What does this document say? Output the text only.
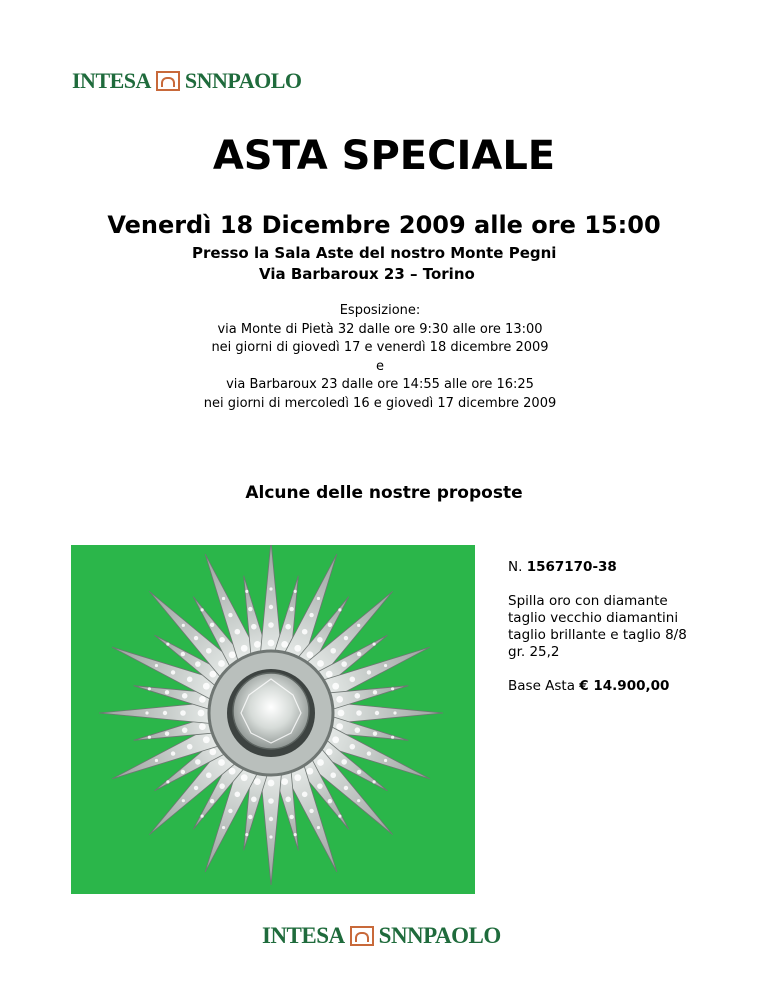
INTESA SNNPAOLO
ASTA SPECIALE
Venerdì 18 Dicembre 2009 alle ore 15:00
Presso la Sala Aste del nostro Monte Pegni
Via Barbaroux 23 – Torino
Esposizione:
via Monte di Pietà 32 dalle ore 9:30 alle ore 13:00
nei giorni di giovedì 17 e venerdì 18 dicembre 2009
e
via Barbaroux 23 dalle ore 14:55 alle ore 16:25
nei giorni di mercoledì 16 e giovedì 17 dicembre 2009
Alcune delle nostre proposte

N. 1567170-38

Spilla oro con diamante
taglio vecchio diamantini
taglio brillante e taglio 8/8
gr. 25,2

Base Asta € 14.900,00

INTESA SNNPAOLO
